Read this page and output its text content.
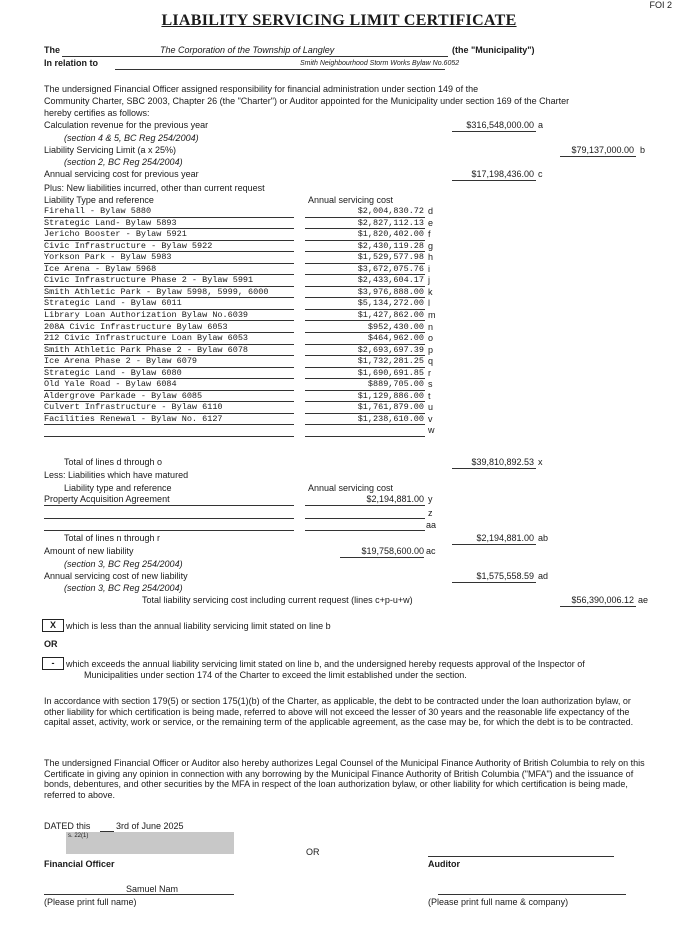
FOI 2
LIABILITY SERVICING LIMIT CERTIFICATE
The	The Corporation of the Township of Langley	(the "Municipality")
In relation to	Smith Neighbourhood Storm Works Bylaw No.6052
The undersigned Financial Officer assigned responsibility for financial administration under section 149 of the
Community Charter, SBC 2003, Chapter 26 (the "Charter") or Auditor appointed for the Municipality under section 169 of the Charter
hereby certifies as follows:
Calculation revenue for the previous year	$316,548,000.00 a
(section 4 & 5, BC Reg 254/2004)
Liability Servicing Limit (a x 25%)	$79,137,000.00 b
(section 2, BC Reg 254/2004)
Annual servicing cost for previous year	$17,198,436.00 c
Plus: New liabilities incurred, other than current request
Liability Type and reference	Annual servicing cost
Firehall - Bylaw 5880	$2,004,830.72 d
Strategic Land- Bylaw 5893	$2,827,112.13 e
Jericho Booster - Bylaw 5921	$1,820,402.00 f
Civic Infrastructure - Bylaw 5922	$2,430,119.28 g
Yorkson Park - Bylaw 5983	$1,529,577.98 h
Ice Arena - Bylaw 5968	$3,672,075.76 i
Civic Infrastructure Phase 2 - Bylaw 5991	$2,433,604.17 j
Smith Athletic Park - Bylaw 5998, 5999, 6000	$3,976,888.00 k
Strategic Land - Bylaw 6011	$5,134,272.00 l
Library Loan Authorization Bylaw No.6039	$1,427,862.00 m
208A Civic Infrastructure Bylaw 6053	$952,430.00 n
212 Civic Infrastructure Loan Bylaw 6053	$464,962.00 o
Smith Athletic Park Phase 2 - Bylaw 6078	$2,693,697.39 p
Ice Arena Phase 2 - Bylaw 6079	$1,732,281.25 q
Strategic Land - Bylaw 6080	$1,690,691.85 r
Old Yale Road - Bylaw 6084	$889,705.00 s
Aldergrove Parkade - Bylaw 6085	$1,129,886.00 t
Culvert Infrastructure - Bylaw 6110	$1,761,879.00 u
Facilities Renewal - Bylaw No. 6127	$1,238,610.00 v
w
Total of lines d through o	$39,810,892.53 x
Less: Liabilities which have matured
Liability type and reference	Annual servicing cost
Property Acquisition Agreement	$2,194,881.00 y
z
aa
Total of lines n through r	$2,194,881.00 ab
Amount of new liability	$19,758,600.00 ac
(section 3, BC Reg 254/2004)
Annual servicing cost of new liability	$1,575,558.59 ad
(section 3, BC Reg 254/2004)
Total liability servicing cost including current request (lines c+p-u+w)	$56,390,006.12 ae
X	which is less than the annual liability servicing limit stated on line b
OR
-	which exceeds the annual liability servicing limit stated on line b, and the undersigned hereby requests approval of the Inspector of
Municipalities under section 174 of the Charter to exceed the limit established under the section.
In accordance with section 179(5) or section 175(1)(b) of the Charter, as applicable, the debt to be contracted under the loan authorization bylaw, or other liability for which certification is being made, referred to above will not exceed the lesser of 30 years and the reasonable life expectancy of the capital asset, activity, work or service, or the remaining term of the applicable agreement, as the case may be, for which the debt is to be contracted.
The undersigned Financial Officer or Auditor also hereby authorizes Legal Counsel of the Municipal Finance Authority of British Columbia to rely on this Certificate in giving any opinion in connection with any borrowing by the Municipal Finance Authority of British Columbia ("MFA") and the issuance of bonds, debentures, and other securities by the MFA in respect of the loan authorization bylaw, or other liability for which certification is being made, referred to above.
DATED this	3rd of June 2025
s. 22(1)
OR
Financial Officer	Auditor
Samuel Nam
(Please print full name)	(Please print full name & company)
